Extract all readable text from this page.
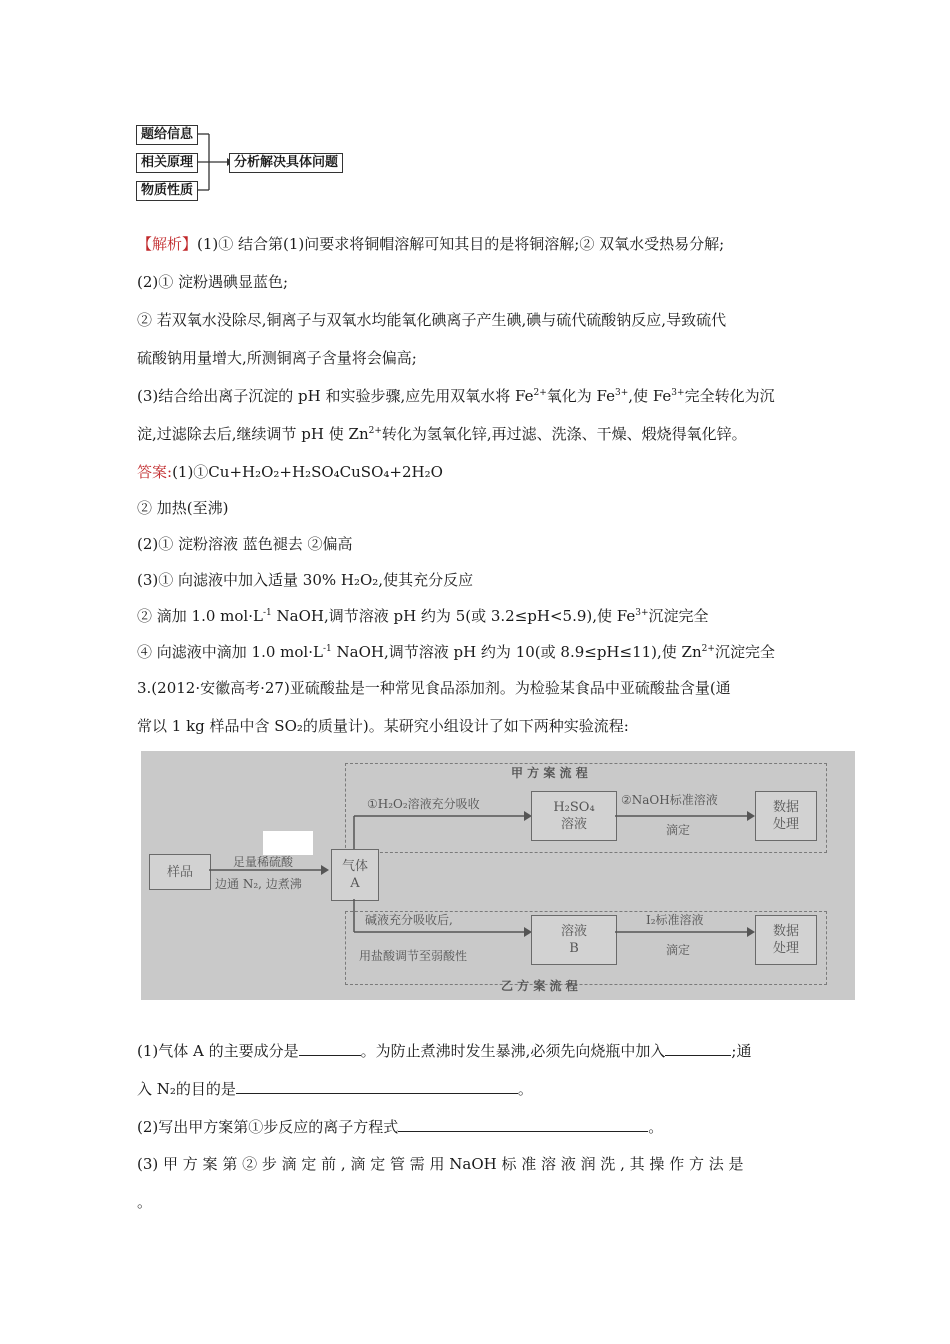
题给信息
相关原理
物质性质
分析解决具体问题
【解析】(1)① 结合第(1)问要求将铜帽溶解可知其目的是将铜溶解;② 双氧水受热易分解;
(2)① 淀粉遇碘显蓝色;
② 若双氧水没除尽,铜离子与双氧水均能氧化碘离子产生碘,碘与硫代硫酸钠反应,导致硫代
硫酸钠用量增大,所测铜离子含量将会偏高;
(3)结合给出离子沉淀的 pH 和实验步骤,应先用双氧水将 $Fe^{2+}$氧化为 $Fe^{3+}$,使 $Fe^{3+}$完全转化为沉
淀,过滤除去后,继续调节 pH 使 $Zn^{2+}$转化为氢氧化锌,再过滤、洗涤、干燥、煅烧得氧化锌。
答案:(1)①Cu+H₂O₂+H₂SO₄CuSO₄+2H₂O
② 加热(至沸)
(2)① 淀粉溶液 蓝色褪去 ②偏高
(3)① 向滤液中加入适量 30% H₂O₂,使其充分反应
② 滴加 1.0 $mol\cdot L^{-1}$ NaOH,调节溶液 pH 约为 5(或 3.2≤pH<5.9),使 $Fe^{3+}$沉淀完全
④ 向滤液中滴加 1.0 $mol\cdot L^{-1}$ NaOH,调节溶液 pH 约为 10(或 8.9≤pH≤11),使 $Zn^{2+}$沉淀完全
3.(2012·安徽高考·27)亚硫酸盐是一种常见食品添加剂。为检验某食品中亚硫酸盐含量(通
常以 1 kg 样品中含 SO₂的质量计)。某研究小组设计了如下两种实验流程:
甲 方 案 流 程
乙 方 案 流 程
样品
足量稀硫酸
边通 N₂, 边煮沸
气体
A
①H₂O₂溶液充分吸收	H₂SO₄
溶液
②NaOH标准溶液
滴定
数据
处理
碱液充分吸收后,
用盐酸调节至弱酸性
溶液
B
I₂标准溶液
滴定
数据
处理
(1)气体 A 的主要成分是	。为防止煮沸时发生暴沸,必须先向烧瓶中加入	;通
入 N₂的目的是	。
(2)写出甲方案第①步反应的离子方程式	。
(3) 甲 方 案 第 ② 步 滴 定 前 , 滴 定 管 需 用 NaOH 标 准 溶 液 润 洗 , 其 操 作 方 法 是
。
